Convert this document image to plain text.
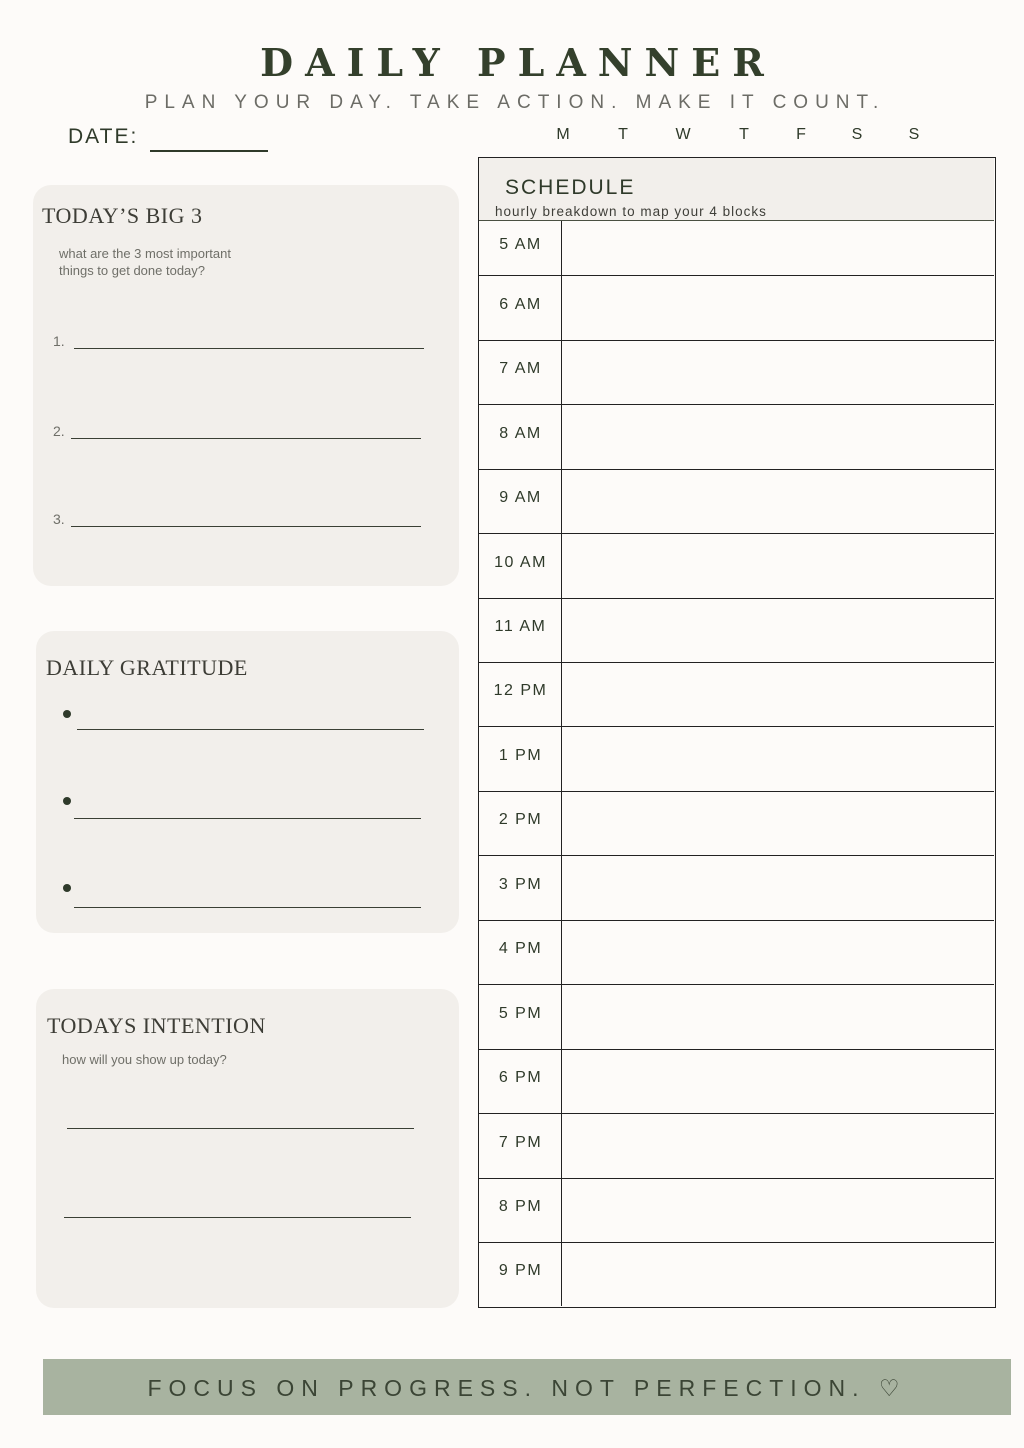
DAILY PLANNER
PLAN YOUR DAY. TAKE ACTION. MAKE IT COUNT.
DATE:	M	T	W	T	F	S	S
TODAY’S BIG 3
what are the 3 most important
things to get done today?
1.
2.
3.
DAILY GRATITUDE
TODAYS INTENTION
how will you show up today?
SCHEDULE
hourly breakdown to map your 4 blocks
5 AM
6 AM
7 AM
8 AM
9 AM
10 AM
11 AM
12 PM
1 PM
2 PM
3 PM
4 PM
5 PM
6 PM
7 PM
8 PM
9 PM
FOCUS ON PROGRESS. NOT PERFECTION. ♡
